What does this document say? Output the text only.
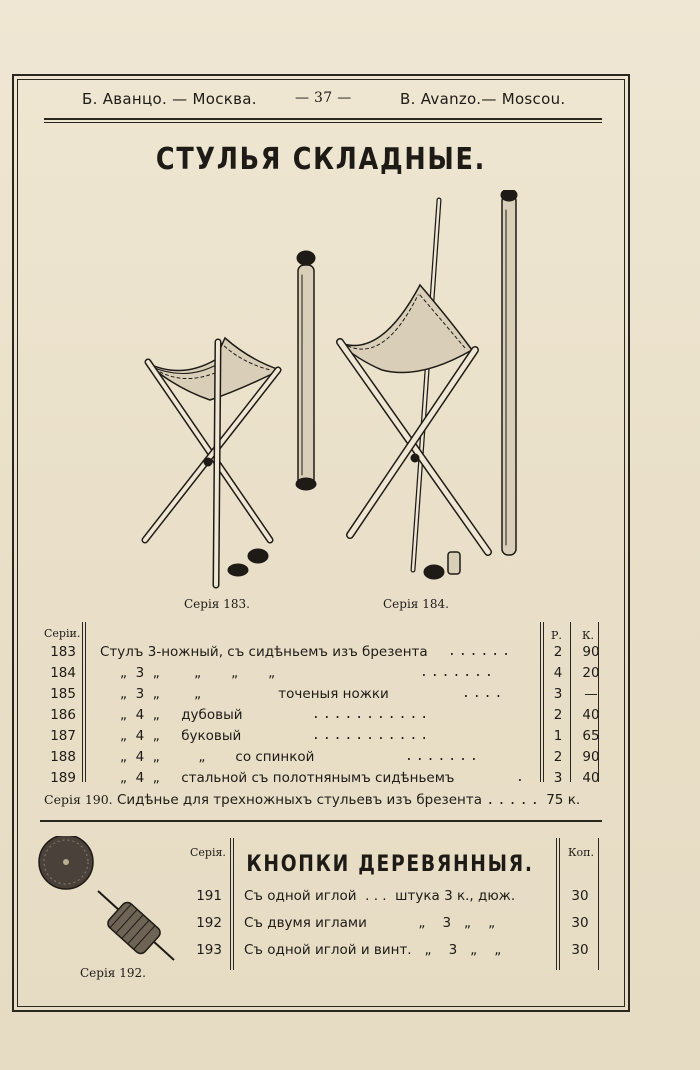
Б. Аванцо. — Москва.	— 37 —	В. Avanzo.— Moscou.
СТУЛЬЯ СКЛАДНЫЕ.
Серія 183.	Серія 184.
Серіи.	Р. К.
183 Стулъ 3-ножный, съ сидѣньемъ изъ брезента	......	2	90
184	„  3  „        „       „       „	.......	4	20
185	„  3  „        „                  точеныя ножки	....	3	—
186	„  4  „     дубовый	...........	2	40
187	„  4  „     буковый	...........	1	65
188	„  4  „         „       со спинкой	.......	2	90
189	„  4  „     стальной съ полотнянымъ сидѣньемъ	.	3	40
Серія 190. Сидѣнье для трехножныхъ стульевъ изъ брезента ..... 75 к.
Серія 192.
Серія.	Коп.
КНОПКИ ДЕРЕВЯННЫЯ.
191 Съ одной иглой  . . .  штука 3 к., дюж.	30
192 Съ двумя иглами            „    3   „    „	30
193 Съ одной иглой и винт.   „    3   „    „	30
